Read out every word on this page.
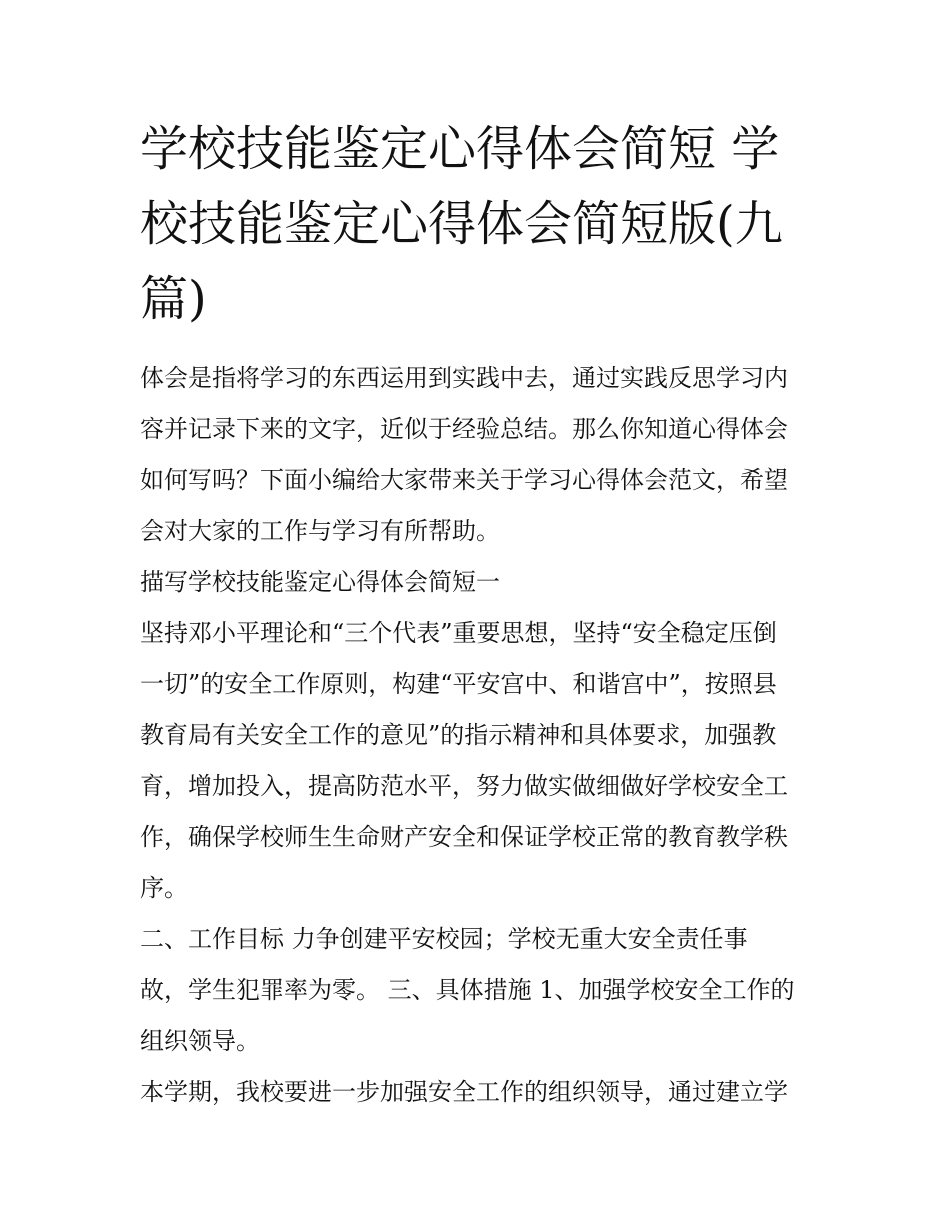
学校技能鉴定心得体会简短 学
校技能鉴定心得体会简短版(九
篇)

体会是指将学习的东西运用到实践中去，通过实践反思学习内
容并记录下来的文字，近似于经验总结。那么你知道心得体会
如何写吗？下面小编给大家带来关于学习心得体会范文，希望
会对大家的工作与学习有所帮助。

描写学校技能鉴定心得体会简短一

坚持邓小平理论和“三个代表”重要思想，坚持“安全稳定压倒
一切”的安全工作原则，构建“平安宫中、和谐宫中”，按照县
教育局有关安全工作的意见”的指示精神和具体要求，加强教
育，增加投入，提高防范水平，努力做实做细做好学校安全工
作，确保学校师生生命财产安全和保证学校正常的教育教学秩
序。

二、工作目标 力争创建平安校园；学校无重大安全责任事
故，学生犯罪率为零。 三、具体措施 1、加强学校安全工作的
组织领导。

本学期，我校要进一步加强安全工作的组织领导，通过建立学
